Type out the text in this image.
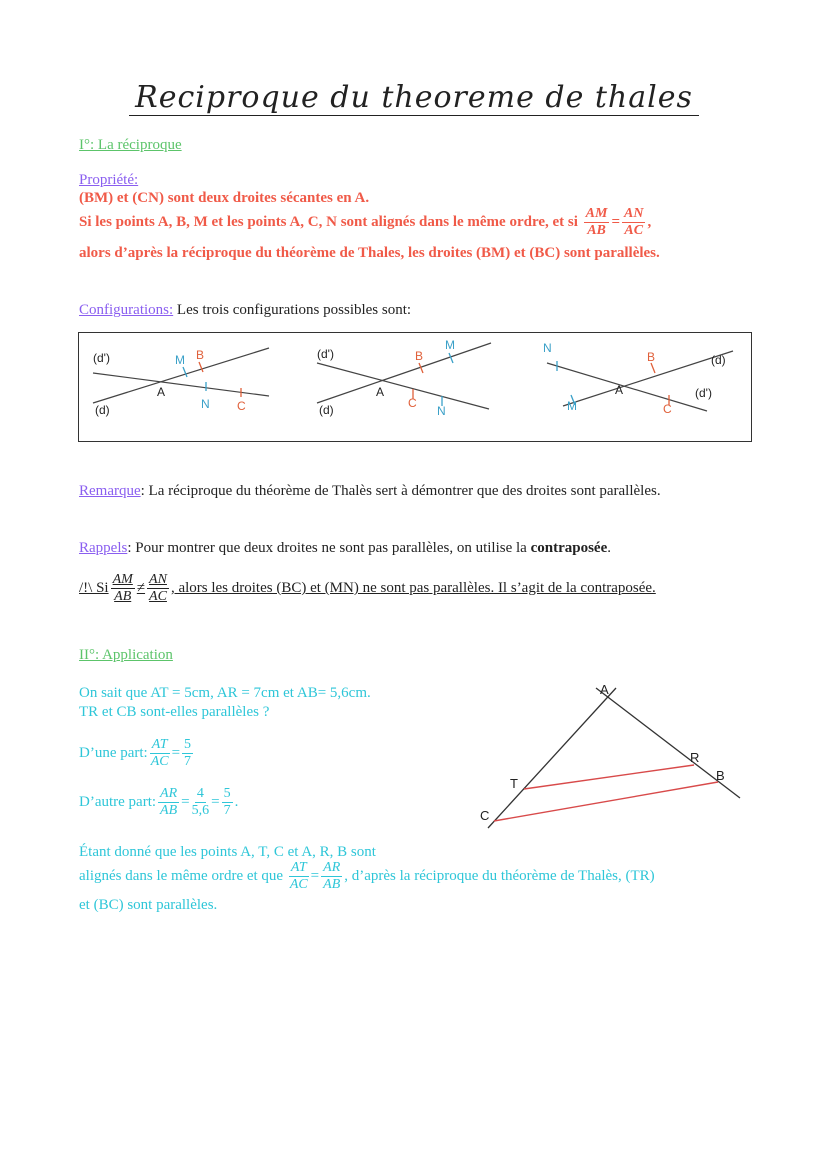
Reciproque du theoreme de thales
I°: La réciproque
Propriété:
(BM) et (CN) sont deux droites sécantes en A.
Si les points A, B, M et les points A, C, N sont alignés dans le même ordre, et si
$\frac{AM}{AB} = \frac{AN}{AC}$ ,
alors d’après la réciproque du théorème de Thales, les droites (BM) et (BC) sont parallèles.
Configurations: Les trois configurations possibles sont:
(d')
(d)
M B
A
N C
(d')
(d)
B
M
A
C
N
N
B	(d)
A	(d')
M	C
Remarque: La réciproque du théorème de Thalès sert à démontrer que des droites sont parallèles.
Rappels: Pour montrer que deux droites ne sont pas parallèles, on utilise la contraposée.
/!\ Si $\frac{AM}{AB} \ne \frac{AN}{AC}$ , alors les droites (BC) et (MN) ne sont pas parallèles. Il s’agit de la contraposée.
II°: Application
On sait que AT = 5cm, AR = 7cm et AB= 5,6cm.
TR et CB sont-elles parallèles ?
D’une part: $\frac{AT}{AC} = \frac{5}{7}$
D’autre part: $\frac{AR}{AB} = \frac{4}{5,6} = \frac{5}{7}$ .
Étant donné que les points A, T, C et A, R, B sont
alignés dans le même ordre et que
$\frac{AT}{AC} = \frac{AR}{AB}$ , d’après la réciproque du théorème de Thalès, (TR)
et (BC) sont parallèles.
A
T
C
R
B
